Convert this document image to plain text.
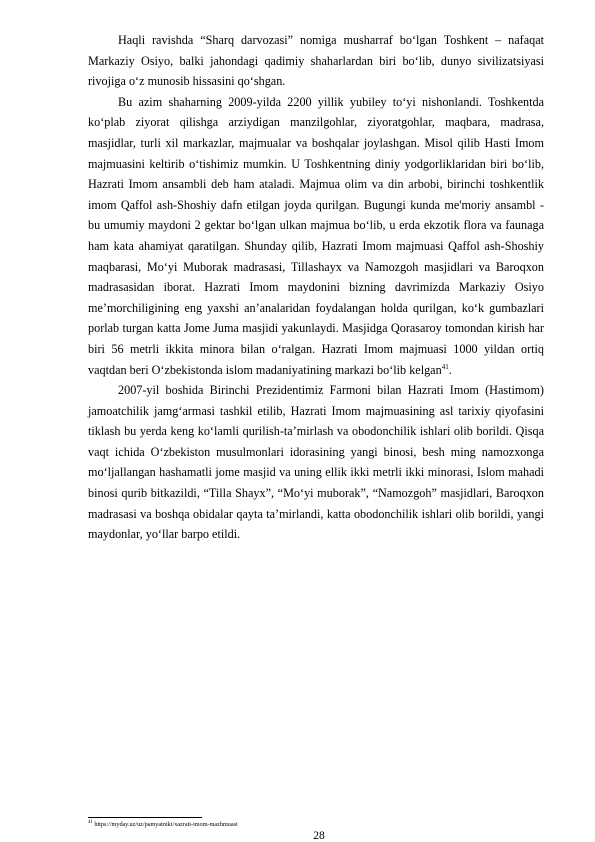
Haqli ravishda “Sharq darvozasi” nomiga musharraf bo‘lgan Toshkent – nafaqat Markaziy Osiyo, balki jahondagi qadimiy shaharlardan biri bo‘lib, dunyo sivilizatsiyasi rivojiga o‘z munosib hissasini qo‘shgan.

Bu azim shaharning 2009-yilda 2200 yillik yubiley to‘yi nishonlandi. Toshkentda ko‘plab ziyorat qilishga arziydigan manzilgohlar, ziyoratgohlar, maqbara, madrasa, masjidlar, turli xil markazlar, majmualar va boshqalar joylashgan. Misol qilib Hasti Imom majmuasini keltirib o‘tishimiz mumkin. U Toshkentning diniy yodgorliklaridan biri bo‘lib, Hazrati Imom ansambli deb ham ataladi. Majmua olim va din arbobi, birinchi toshkentlik imom Qaffol ash-Shoshiy dafn etilgan joyda qurilgan. Bugungi kunda me'moriy ansambl - bu umumiy maydoni 2 gektar bo‘lgan ulkan majmua bo‘lib, u erda ekzotik flora va faunaga ham kata ahamiyat qaratilgan. Shunday qilib, Hazrati Imom majmuasi Qaffol ash-Shoshiy maqbarasi, Mo‘yi Muborak madrasasi, Tillashayx va Namozgoh masjidlari va Baroqxon madrasasidan iborat. Hazrati Imom maydonini bizning davrimizda Markaziy Osiyo me’morchiligining eng yaxshi an’analaridan foydalangan holda qurilgan, ko‘k gumbazlari porlab turgan katta Jome Juma masjidi yakunlaydi. Masjidga Qorasaroy tomondan kirish har biri 56 metrli ikkita minora bilan o‘ralgan. Hazrati Imom majmuasi 1000 yildan ortiq vaqtdan beri O‘zbekistonda islom madaniyatining markazi bo‘lib kelgan$^{41}$.

2007-yil boshida Birinchi Prezidentimiz Farmoni bilan Hazrati Imom (Hastimom) jamoatchilik jamg‘armasi tashkil etilib, Hazrati Imom majmuasining asl tarixiy qiyofasini tiklash bu yerda keng ko‘lamli qurilish-ta’mirlash va obodonchilik ishlari olib borildi. Qisqa vaqt ichida O‘zbekiston musulmonlari idorasining yangi binosi, besh ming namozxonga mo‘ljallangan hashamatli jome masjid va uning ellik ikki metrli ikki minorasi, Islom mahadi binosi qurib bitkazildi, “Tilla Shayx”, “Mo‘yi muborak”, “Namozgoh” masjidlari, Baroqxon madrasasi va boshqa obidalar qayta ta’mirlandi, katta obodonchilik ishlari olib borildi, yangi maydonlar, yo‘llar barpo etildi.

$^{41}$ https://myday.uz/uz/pamyatniki/xazrati-imom-mazhmuasi
28
